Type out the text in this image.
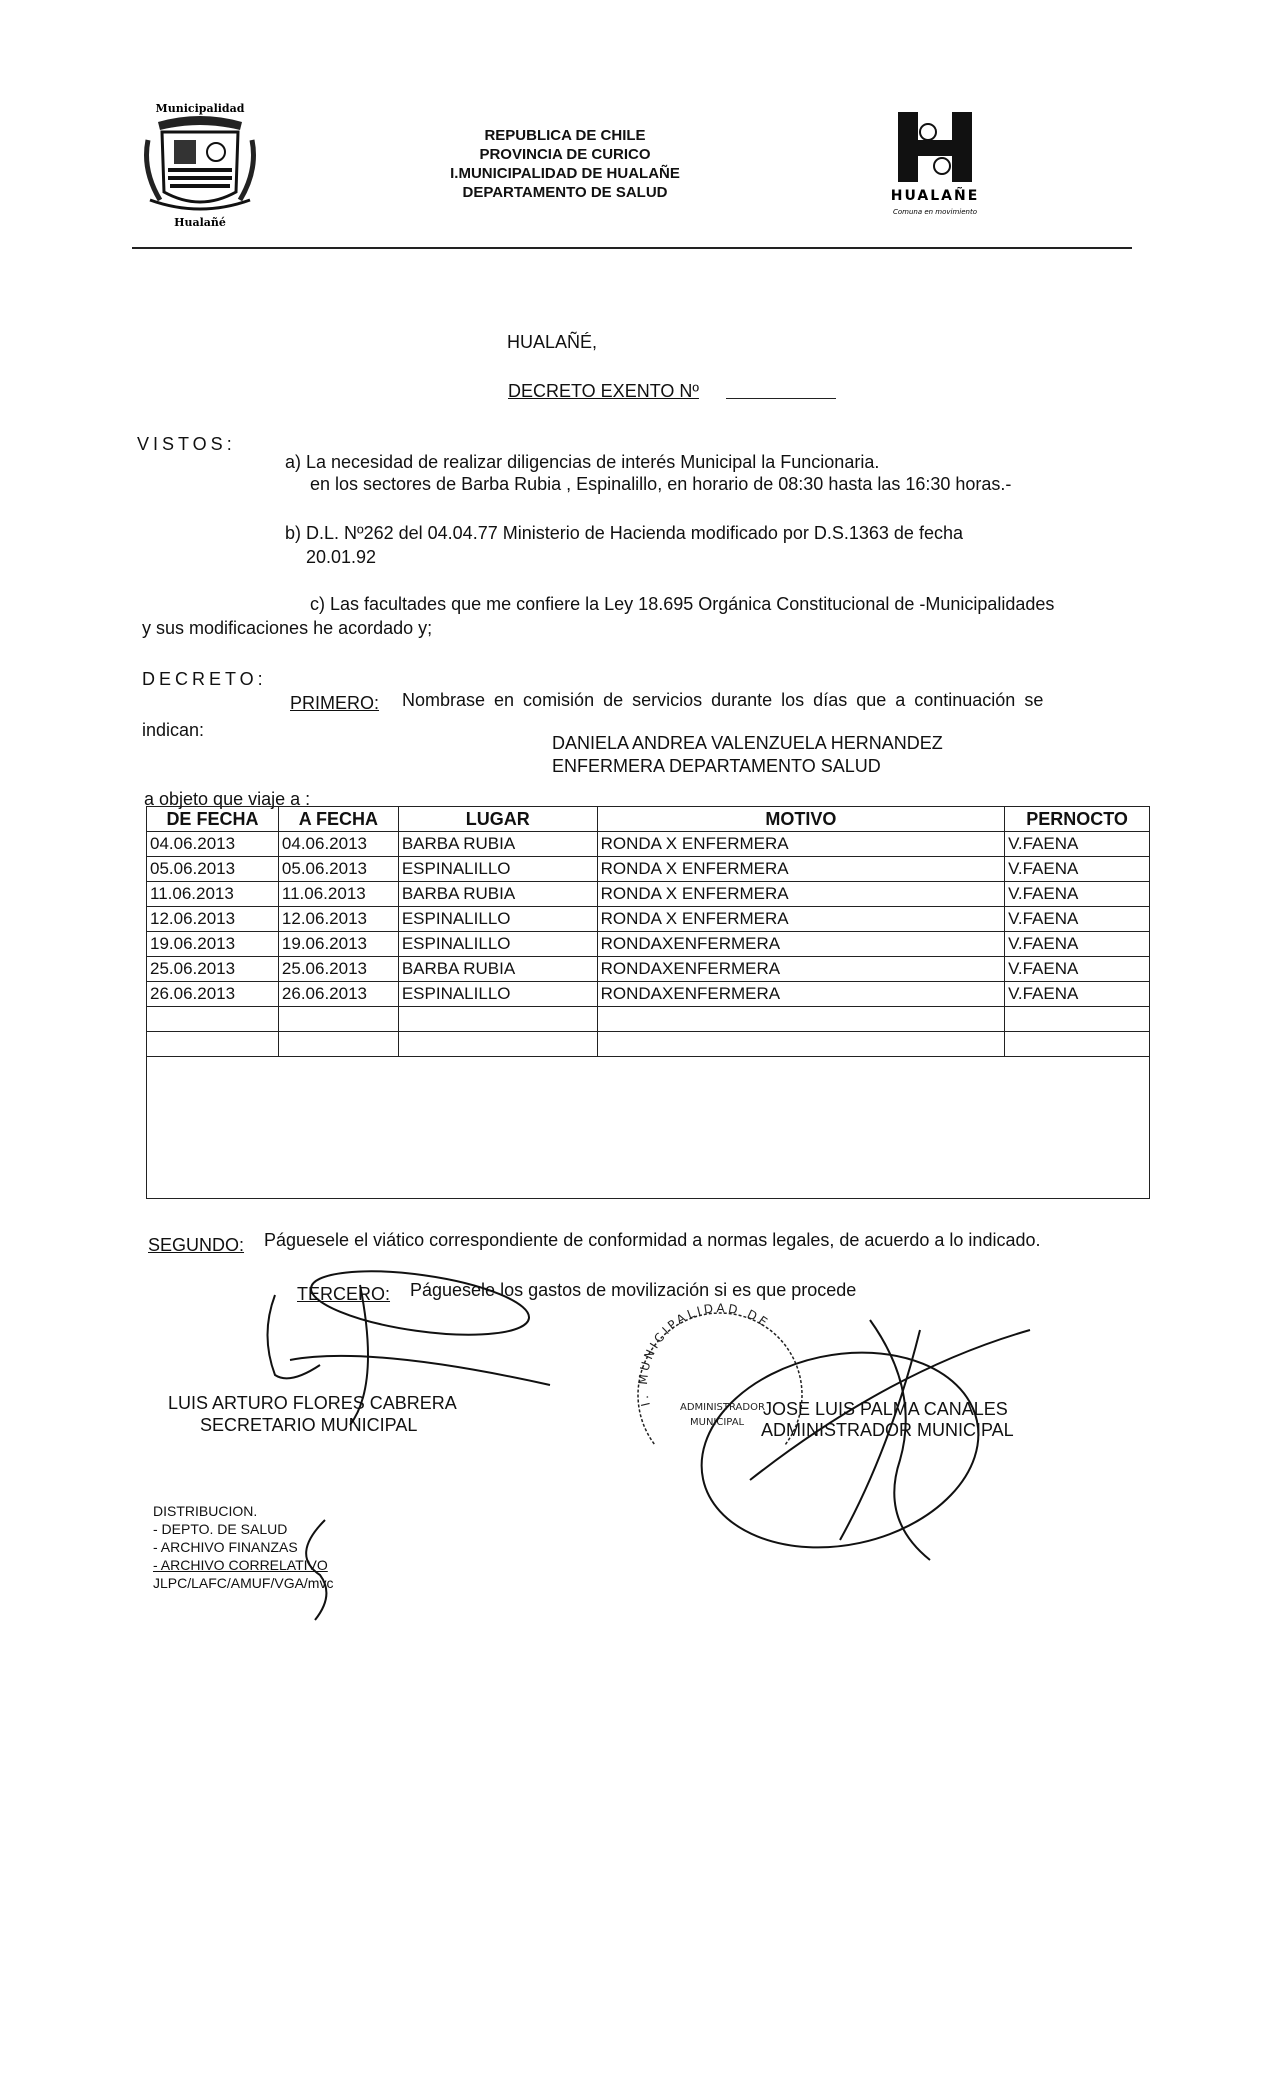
Municipalidad
Hualañé
REPUBLICA DE CHILE
PROVINCIA DE CURICO
I.MUNICIPALIDAD DE HUALAÑE
DEPARTAMENTO DE SALUD	HUALAÑE
Comuna en movimiento
HUALAÑÉ,
DECRETO EXENTO Nº
VISTOS:
a) La necesidad de realizar diligencias de interés Municipal la Funcionaria.
en los sectores de Barba Rubia , Espinalillo, en horario de 08:30 hasta las 16:30 horas.-
b) D.L. Nº262 del 04.04.77 Ministerio de Hacienda modificado por D.S.1363 de fecha
20.01.92
c) Las facultades que me confiere la Ley 18.695 Orgánica Constitucional de -Municipalidades
y sus modificaciones he acordado y;
DECRETO:
PRIMERO: Nombrase en comisión de servicios durante los días que a continuación se
indican:
DANIELA ANDREA VALENZUELA HERNANDEZ
ENFERMERA DEPARTAMENTO SALUD
a objeto que viaje a :
DE FECHA	A FECHA	LUGAR	MOTIVO	PERNOCTO
04.06.2013	04.06.2013	BARBA RUBIA	RONDA X ENFERMERA	V.FAENA
05.06.2013	05.06.2013	ESPINALILLO	RONDA X ENFERMERA	V.FAENA
11.06.2013	11.06.2013	BARBA RUBIA	RONDA X ENFERMERA	V.FAENA
12.06.2013	12.06.2013	ESPINALILLO	RONDA X ENFERMERA	V.FAENA
19.06.2013	19.06.2013	ESPINALILLO	RONDAXENFERMERA	V.FAENA
25.06.2013	25.06.2013	BARBA RUBIA	RONDAXENFERMERA	V.FAENA
26.06.2013	26.06.2013	ESPINALILLO	RONDAXENFERMERA	V.FAENA

SEGUNDO: Páguesele el viático correspondiente de conformidad a normas legales, de acuerdo a lo indicado.
TERCERO: Páguesele los gastos de movilización si es que procede
LUIS ARTURO FLORES CABRERA
SECRETARIO MUNICIPAL
I. MUNICIPALIDAD DE
ADMINISTRADOR
MUNICIPAL
JOSE LUIS PALMA CANALES
ADMINISTRADOR MUNICIPAL
DISTRIBUCION.
- DEPTO. DE SALUD
- ARCHIVO FINANZAS
- ARCHIVO CORRELATIVO
JLPC/LAFC/AMUF/VGA/mvc
